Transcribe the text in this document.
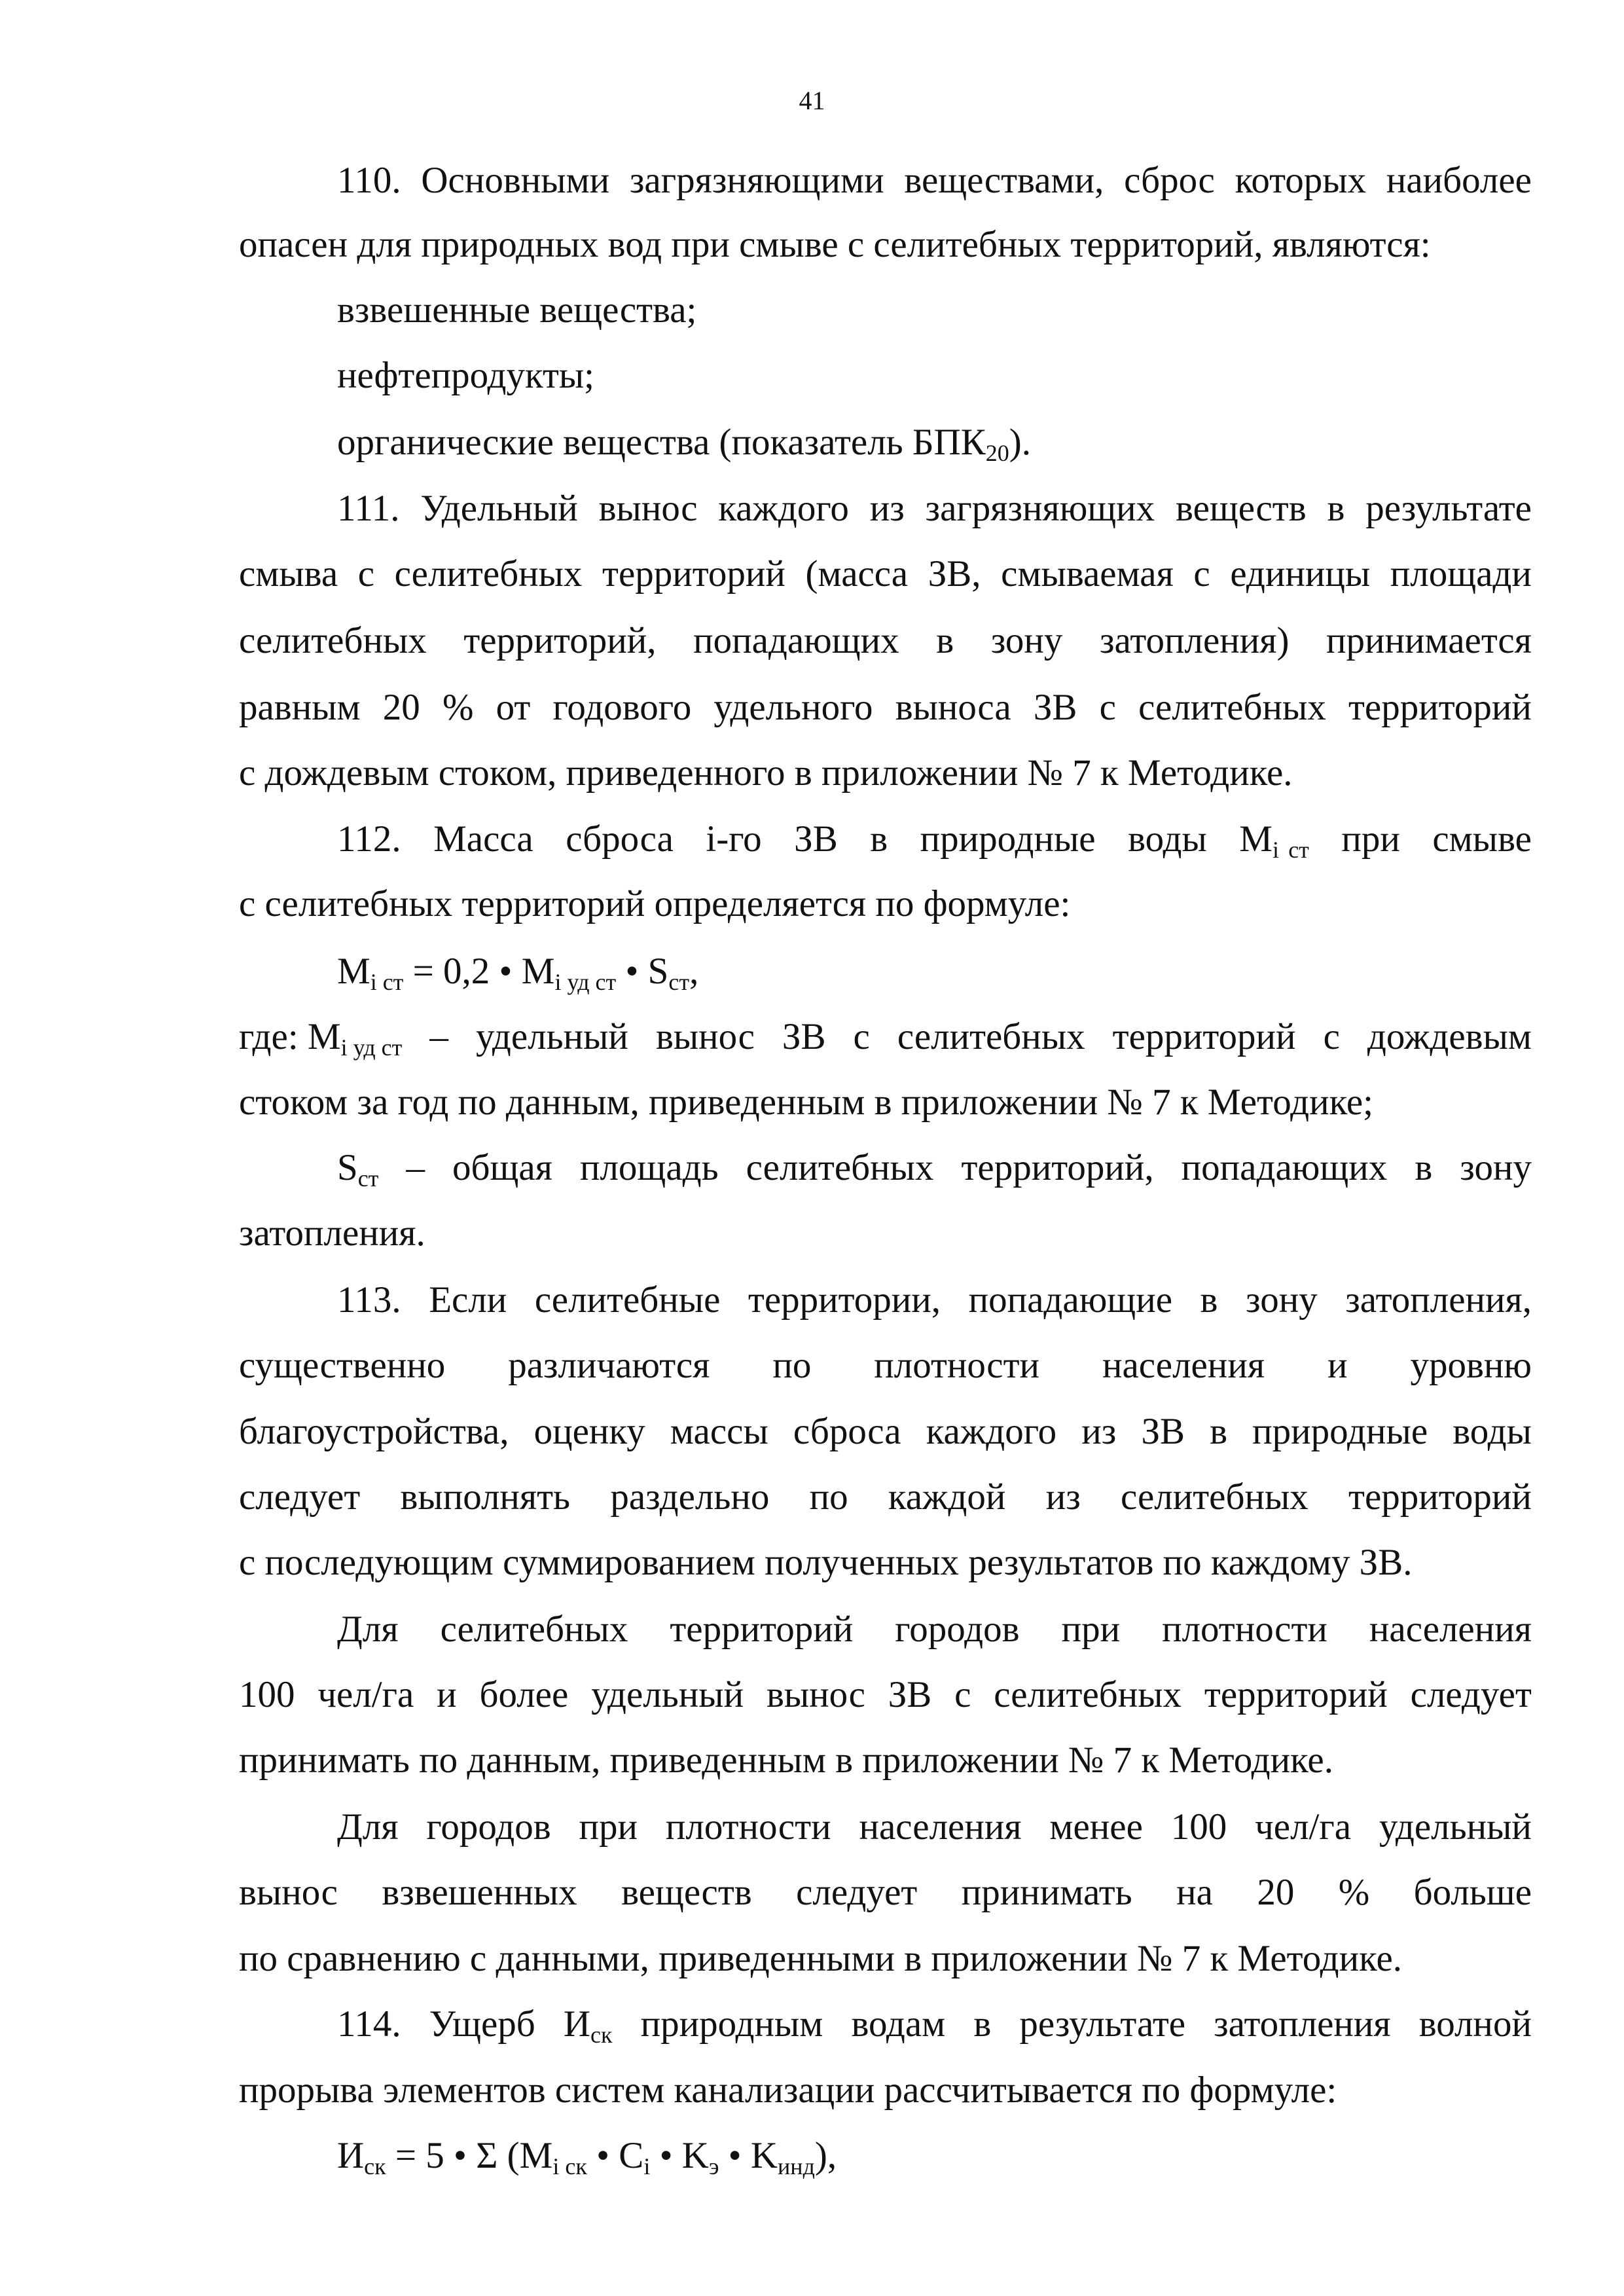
41
110. Основными загрязняющими веществами, сброс которых наиболее
опасен для природных вод при смыве с селитебных территорий, являются:
взвешенные вещества;
нефтепродукты;
органические вещества (показатель $БПК_{20}$).
111. Удельный вынос каждого из загрязняющих веществ в результате
смыва с селитебных территорий (масса ЗВ, смываемая с единицы площади
селитебных территорий, попадающих в зону затопления) принимается
равным 20 % от годового удельного выноса ЗВ с селитебных территорий
с дождевым стоком, приведенного в приложении № 7 к Методике.
112. Масса сброса i-го ЗВ в природные воды $M_i$ $_{ст}$ при смыве
с селитебных территорий определяется по формуле:
$M_{i ст} = 0,2$ • $M_{i уд ст}$ • $S_{ст}$,
где: $M_{i уд ст}$ – удельный вынос ЗВ с селитебных территорий с дождевым
стоком за год по данным, приведенным в приложении № 7 к Методике;
$S_{ст}$ – общая площадь селитебных территорий, попадающих в зону
затопления.
113. Если селитебные территории, попадающие в зону затопления,
существенно различаются по плотности населения и уровню
благоустройства, оценку массы сброса каждого из ЗВ в природные воды
следует выполнять раздельно по каждой из селитебных территорий
с последующим суммированием полученных результатов по каждому ЗВ.
Для селитебных территорий городов при плотности населения
100 чел/га и более удельный вынос ЗВ с селитебных территорий следует
принимать по данным, приведенным в приложении № 7 к Методике.
Для городов при плотности населения менее 100 чел/га удельный
вынос взвешенных веществ следует принимать на 20 % больше
по сравнению с данными, приведенными в приложении № 7 к Методике.
114. Ущерб $И_{ск}$ природным водам в результате затопления волной
прорыва элементов систем канализации рассчитывается по формуле:
$И_{ск} = 5$ • Σ ($M_{i ск}$ • $C_i$ • $K_э$ • $K_{инд}$),
